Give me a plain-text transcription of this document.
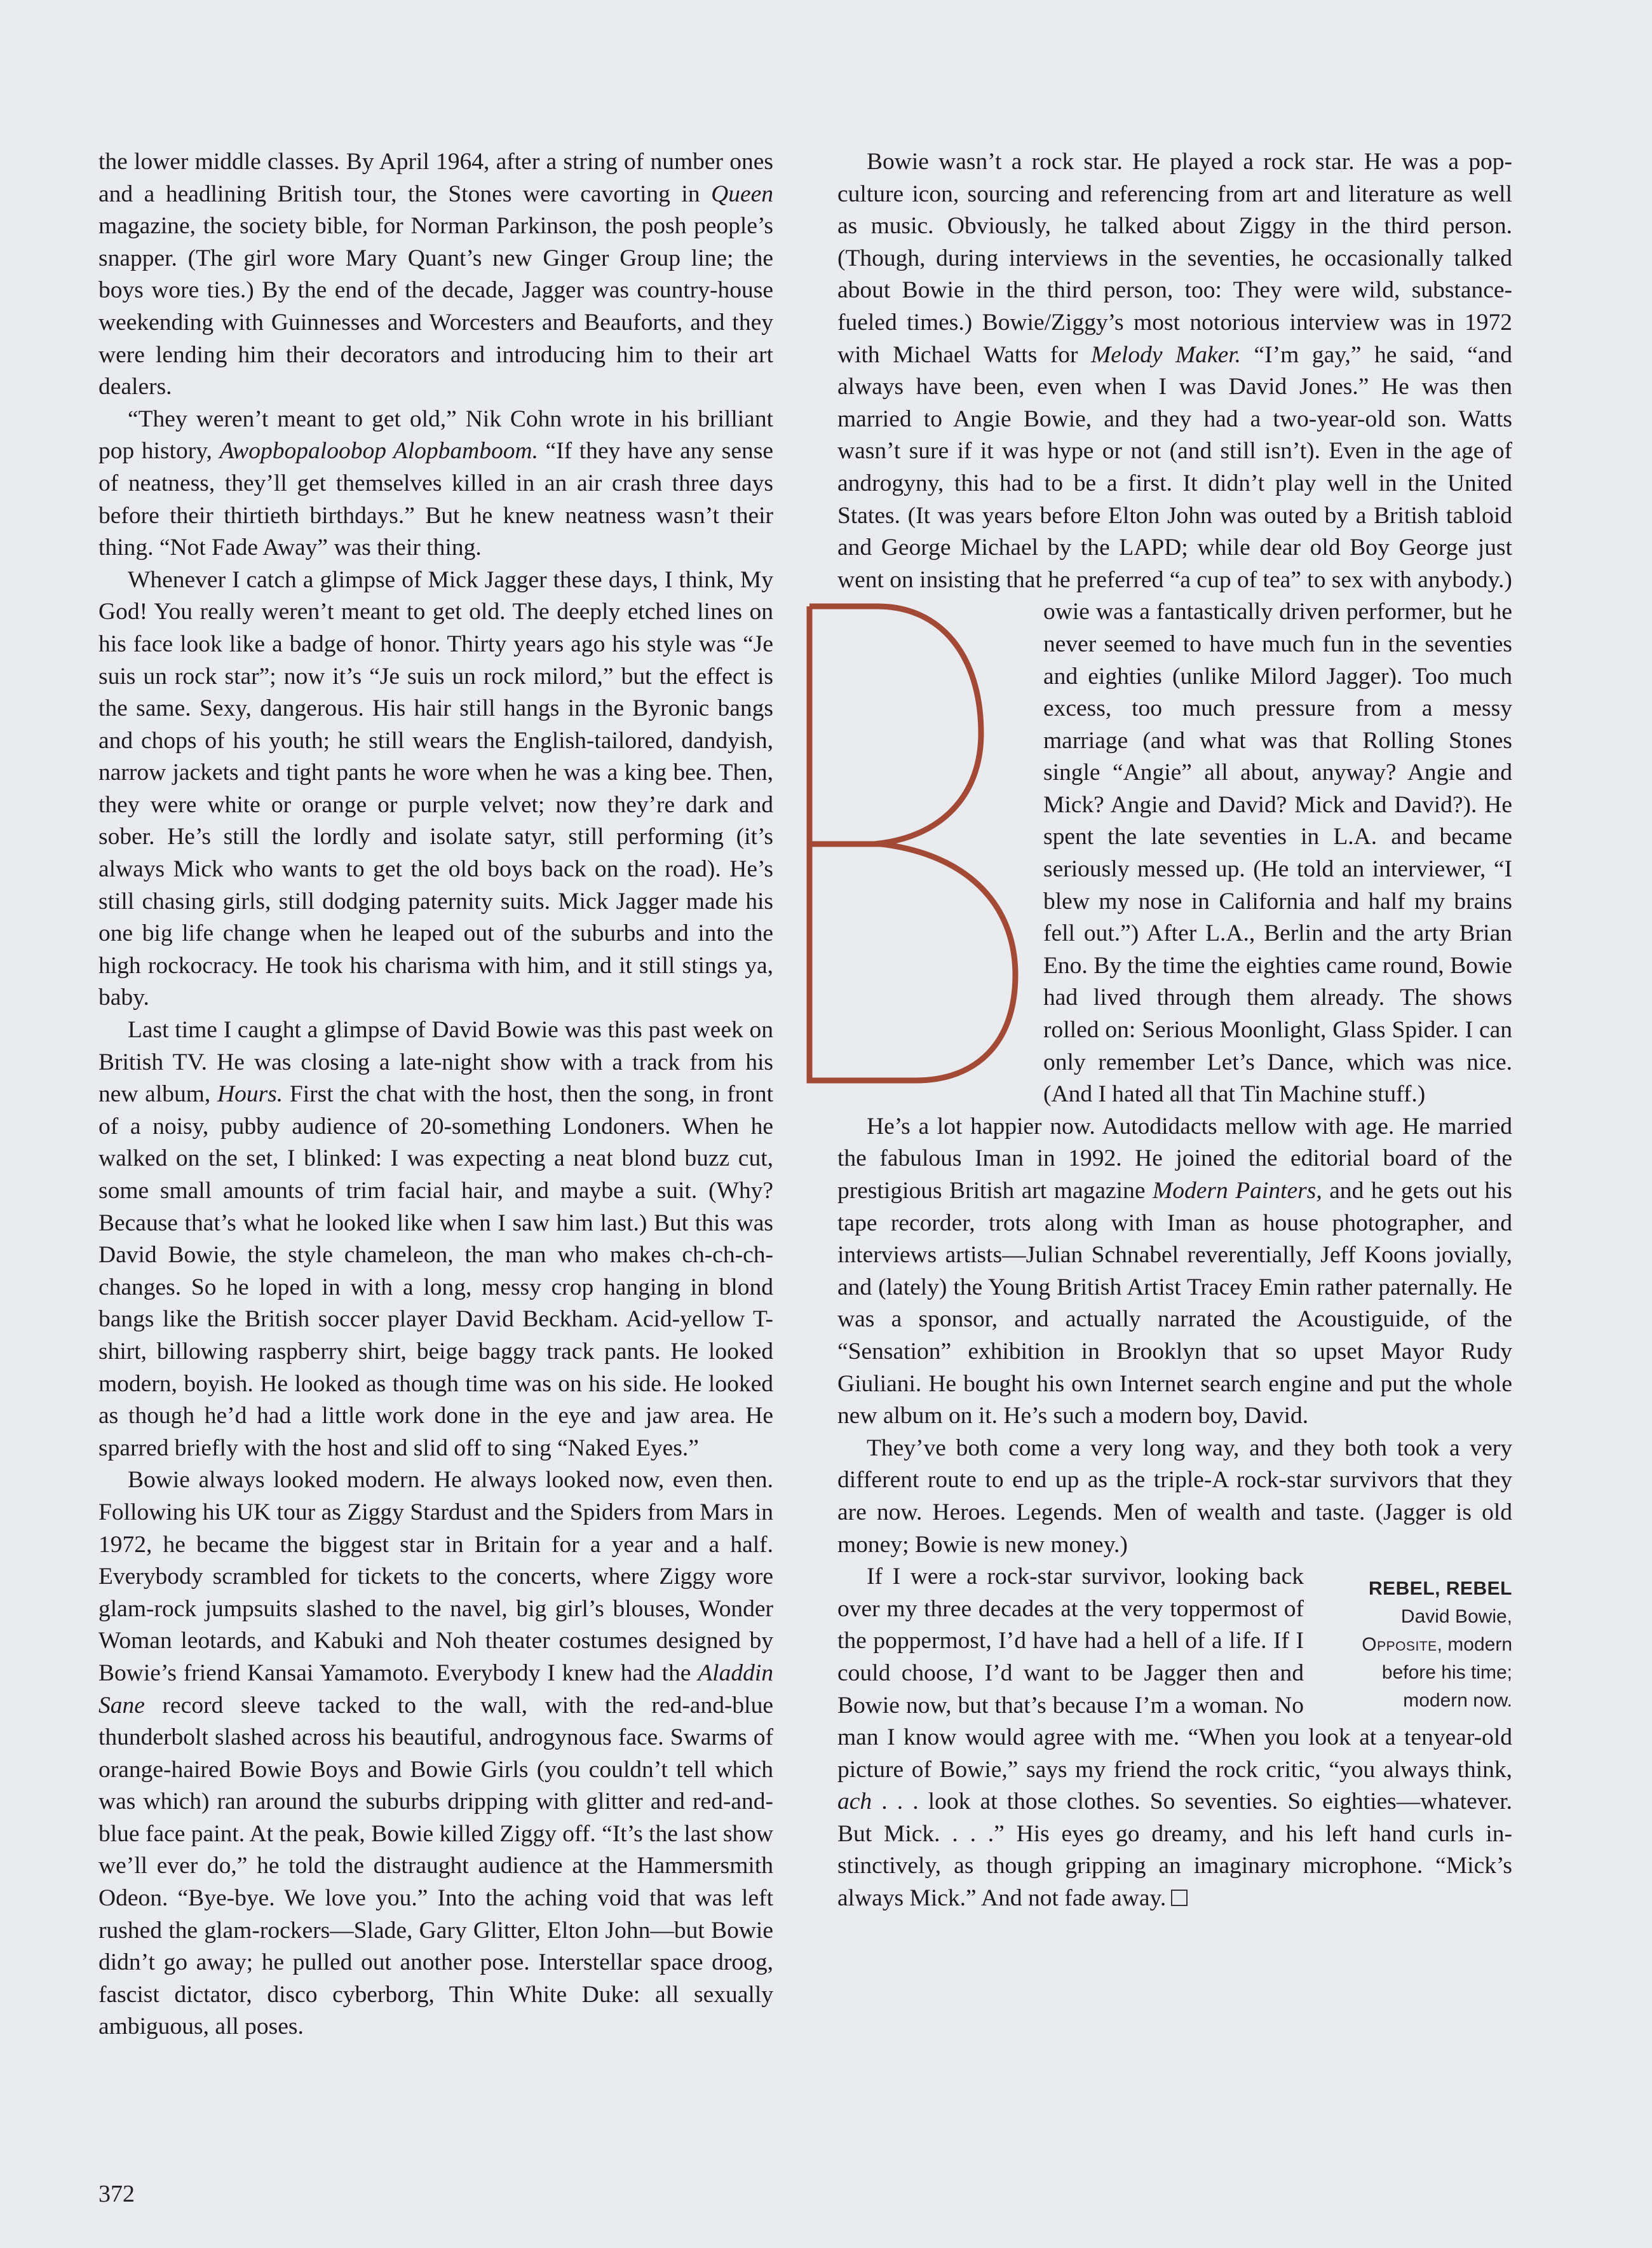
the lower middle classes. By April 1964, after a string of number ones and a headlining British tour, the Stones were cavorting in Queen magazine, the society bible, for Norman Parkinson, the posh people’s snapper. (The girl wore Mary Quant’s new Ginger Group line; the boys wore ties.) By the end of the decade, Jagger was country-house weekending with Guinnesses and Worcesters and Beauforts, and they were lending him their decorators and introducing him to their art dealers.

“They weren’t meant to get old,” Nik Cohn wrote in his brilliant pop history, Awopbopaloobop Alopbamboom. “If they have any sense of neatness, they’ll get themselves killed in an air crash three days before their thirtieth birthdays.” But he knew neatness wasn’t their thing. “Not Fade Away” was their thing.

Whenever I catch a glimpse of Mick Jagger these days, I think, My God! You really weren’t meant to get old. The deeply etched lines on his face look like a badge of honor. Thirty years ago his style was “Je suis un rock star”; now it’s “Je suis un rock milord,” but the effect is the same. Sexy, dangerous. His hair still hangs in the Byronic bangs and chops of his youth; he still wears the English-tailored, dandyish, narrow jackets and tight pants he wore when he was a king bee. Then, they were white or orange or purple velvet; now they’re dark and sober. He’s still the lordly and isolate satyr, still performing (it’s always Mick who wants to get the old boys back on the road). He’s still chasing girls, still dodging paternity suits. Mick Jagger made his one big life change when he leaped out of the suburbs and into the high rockocracy. He took his charisma with him, and it still stings ya, baby.

Last time I caught a glimpse of David Bowie was this past week on British TV. He was closing a late-night show with a track from his new album, Hours. First the chat with the host, then the song, in front of a noisy, pubby audience of 20-something Londoners. When he walked on the set, I blinked: I was expecting a neat blond buzz cut, some small amounts of trim facial hair, and maybe a suit. (Why? Because that’s what he looked like when I saw him last.) But this was David Bowie, the style chameleon, the man who makes ch-ch-ch-changes. So he loped in with a long, messy crop hanging in blond bangs like the British soccer player David Beckham. Acid-yellow T-shirt, billowing raspberry shirt, beige baggy track pants. He looked modern, boyish. He looked as though time was on his side. He looked as though he’d had a little work done in the eye and jaw area. He sparred briefly with the host and slid off to sing “Naked Eyes.”

Bowie always looked modern. He always looked now, even then. Following his UK tour as Ziggy Stardust and the Spiders from Mars in 1972, he became the biggest star in Britain for a year and a half. Everybody scrambled for tickets to the concerts, where Ziggy wore glam-rock jumpsuits slashed to the navel, big girl’s blouses, Wonder Woman leotards, and Kabuki and Noh theater costumes designed by Bowie’s friend Kansai Yamamoto. Everybody I knew had the Aladdin Sane record sleeve tacked to the wall, with the red-and-blue thunderbolt slashed across his beautiful, androgynous face. Swarms of orange-haired Bowie Boys and Bowie Girls (you couldn’t tell which was which) ran around the suburbs dripping with glitter and red-and-blue face paint. At the peak, Bowie killed Ziggy off. “It’s the last show we’ll ever do,” he told the distraught audience at the Hammersmith Odeon. “Bye-bye. We love you.” Into the aching void that was left rushed the glam-rockers—Slade, Gary Glitter, Elton John—but Bowie didn’t go away; he pulled out another pose. Interstellar space droog, fascist dictator, disco cyberborg, Thin White Duke: all sexually ambiguous, all poses.

Bowie wasn’t a rock star. He played a rock star. He was a pop-culture icon, sourcing and referencing from art and literature as well as music. Obviously, he talked about Ziggy in the third person. (Though, during interviews in the seventies, he occasionally talked about Bowie in the third person, too: They were wild, substance-fueled times.) Bowie/Ziggy’s most notorious interview was in 1972 with Michael Watts for Melody Maker. “I’m gay,” he said, “and always have been, even when I was David Jones.” He was then married to Angie Bowie, and they had a two-year-old son. Watts wasn’t sure if it was hype or not (and still isn’t). Even in the age of androgyny, this had to be a first. It didn’t play well in the United States. (It was years before Elton John was outed by a British tabloid and George Michael by the LAPD; while dear old Boy George just went on insisting that he preferred “a cup of tea” to sex with anybody.)

owie was a fantastically driven performer, but he never seemed to have much fun in the seventies and eighties (unlike Milord Jagger). Too much excess, too much pressure from a messy marriage (and what was that Rolling Stones single “Angie” all about, anyway? Angie and Mick? Angie and David? Mick and David?). He spent the late seventies in L.A. and became seriously messed up. (He told an interviewer, “I blew my nose in California and half my brains fell out.”) After L.A., Berlin and the arty Brian Eno. By the time the eighties came round, Bowie had lived through them already. The shows rolled on: Serious Moonlight, Glass Spider. I can only remember Let’s Dance, which was nice. (And I hated all that Tin Machine stuff.)

He’s a lot happier now. Autodidacts mellow with age. He married the fabulous Iman in 1992. He joined the editorial board of the prestigious British art magazine Modern Painters, and he gets out his tape recorder, trots along with Iman as house photographer, and interviews artists—Julian Schnabel reverentially, Jeff Koons jovially, and (lately) the Young British Artist Tracey Emin rather paternally. He was a sponsor, and actually narrated the Acoustiguide, of the “Sensation” exhibition in Brooklyn that so upset Mayor Rudy Giuliani. He bought his own Internet search engine and put the whole new album on it. He’s such a modern boy, David.

They’ve both come a very long way, and they both took a very different route to end up as the triple-A rock-star survivors that they are now. Heroes. Legends. Men of wealth and taste. (Jagger is old money; Bowie is new money.)

REBEL, REBEL
David Bowie, Opposite, modern before his time; modern now.

If I were a rock-star survivor, looking back over my three decades at the very toppermost of the poppermost, I’d have had a hell of a life. If I could choose, I’d want to be Jagger then and Bowie now, but that’s because I’m a woman. No man I know would agree with me. “When you look at a tenyear-old picture of Bowie,” says my friend the rock critic, “you always think, ach . . . look at those clothes. So seventies. So eighties—whatever. But Mick. . . .” His eyes go dreamy, and his left hand curls instinctively, as though gripping an imaginary microphone. “Mick’s always Mick.” And not fade away.

372
